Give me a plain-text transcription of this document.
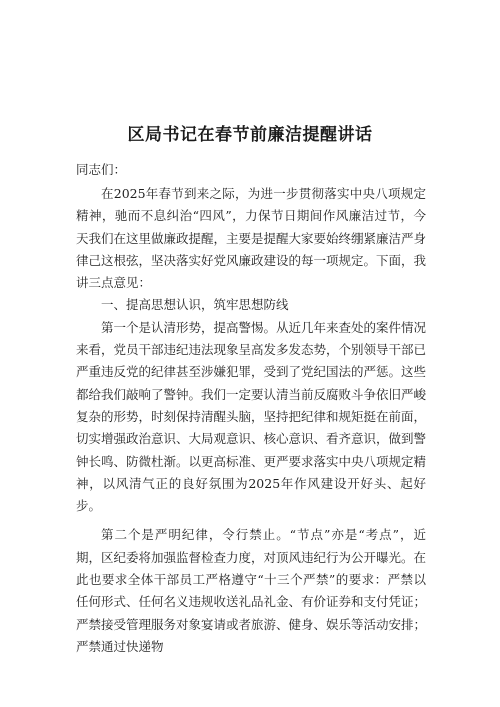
区局书记在春节前廉洁提醒讲话
同志们：

在2025年春节到来之际，为进一步贯彻落实中央八项规定精神，驰而不息纠治“四风”，力保节日期间作风廉洁过节，今天我们在这里做廉政提醒，主要是提醒大家要始终绷紧廉洁严身律己这根弦，坚决落实好党风廉政建设的每一项规定。下面，我讲三点意见：

一、提高思想认识，筑牢思想防线

第一个是认清形势，提高警惕。从近几年来查处的案件情况来看，党员干部违纪违法现象呈高发多发态势，个别领导干部已严重违反党的纪律甚至涉嫌犯罪，受到了党纪国法的严惩。这些都给我们敲响了警钟。我们一定要认清当前反腐败斗争依旧严峻复杂的形势，时刻保持清醒头脑，坚持把纪律和规矩挺在前面，切实增强政治意识、大局观意识、核心意识、看齐意识，做到警钟长鸣、防微杜渐。以更高标准、更严要求落实中央八项规定精神，以风清气正的良好氛围为2025年作风建设开好头、起好步。

第二个是严明纪律，令行禁止。“节点”亦是“考点”，近期，区纪委将加强监督检查力度，对顶风违纪行为公开曝光。在此也要求全体干部员工严格遵守“十三个严禁”的要求：严禁以任何形式、任何名义违规收送礼品礼金、有价证券和支付凭证；严禁接受管理服务对象宴请或者旅游、健身、娱乐等活动安排；严禁通过快递物
